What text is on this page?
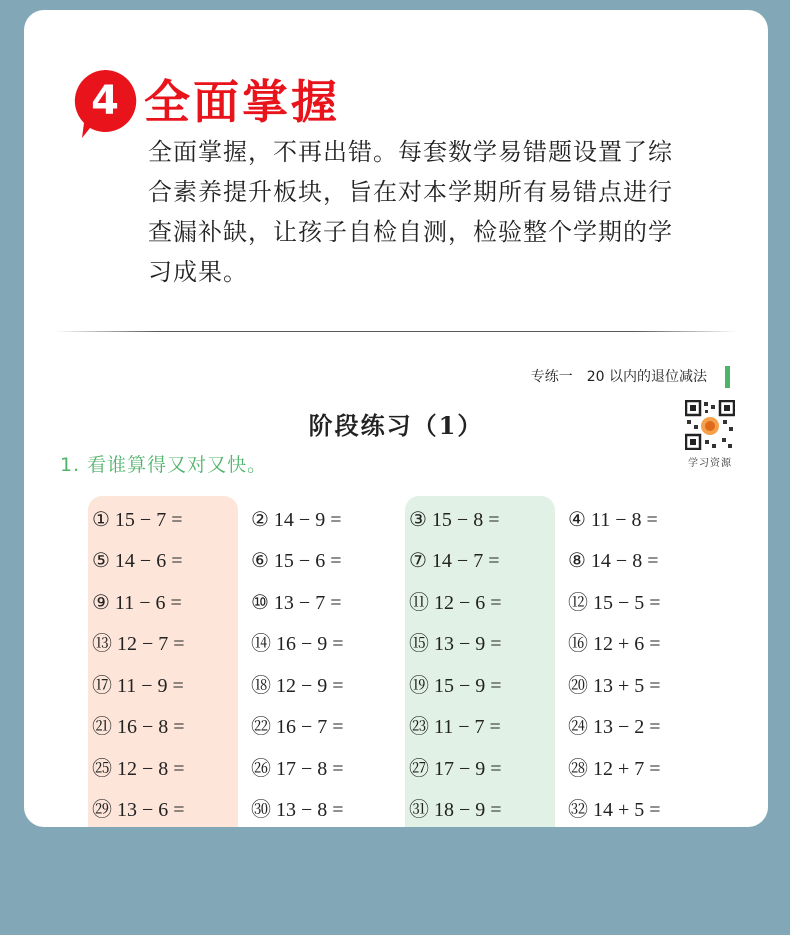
4 全面掌握
全面掌握，不再出错。每套数学易错题设置了综
合素养提升板块，旨在对本学期所有易错点进行
查漏补缺，让孩子自检自测，检验整个学期的学
习成果。
专练一 20 以内的退位减法
阶段练习（1）
学习资源
1. 看谁算得又对又快。
① 15 − 7 =	② 14 − 9 =	③ 15 − 8 =	④ 11 − 8 =
⑤ 14 − 6 =	⑥ 15 − 6 =	⑦ 14 − 7 =	⑧ 14 − 8 =
⑨ 11 − 6 =	⑩ 13 − 7 =	⑪ 12 − 6 =	⑫ 15 − 5 =
⑬ 12 − 7 =	⑭ 16 − 9 =	⑮ 13 − 9 =	⑯ 12 + 6 =
⑰ 11 − 9 =	⑱ 12 − 9 =	⑲ 15 − 9 =	⑳ 13 + 5 =
㉑ 16 − 8 =	㉒ 16 − 7 =	㉓ 11 − 7 =	㉔ 13 − 2 =
㉕ 12 − 8 =	㉖ 17 − 8 =	㉗ 17 − 9 =	㉘ 12 + 7 =
㉙ 13 − 6 =	㉚ 13 − 8 =	㉛ 18 − 9 =	㉜ 14 + 5 =
